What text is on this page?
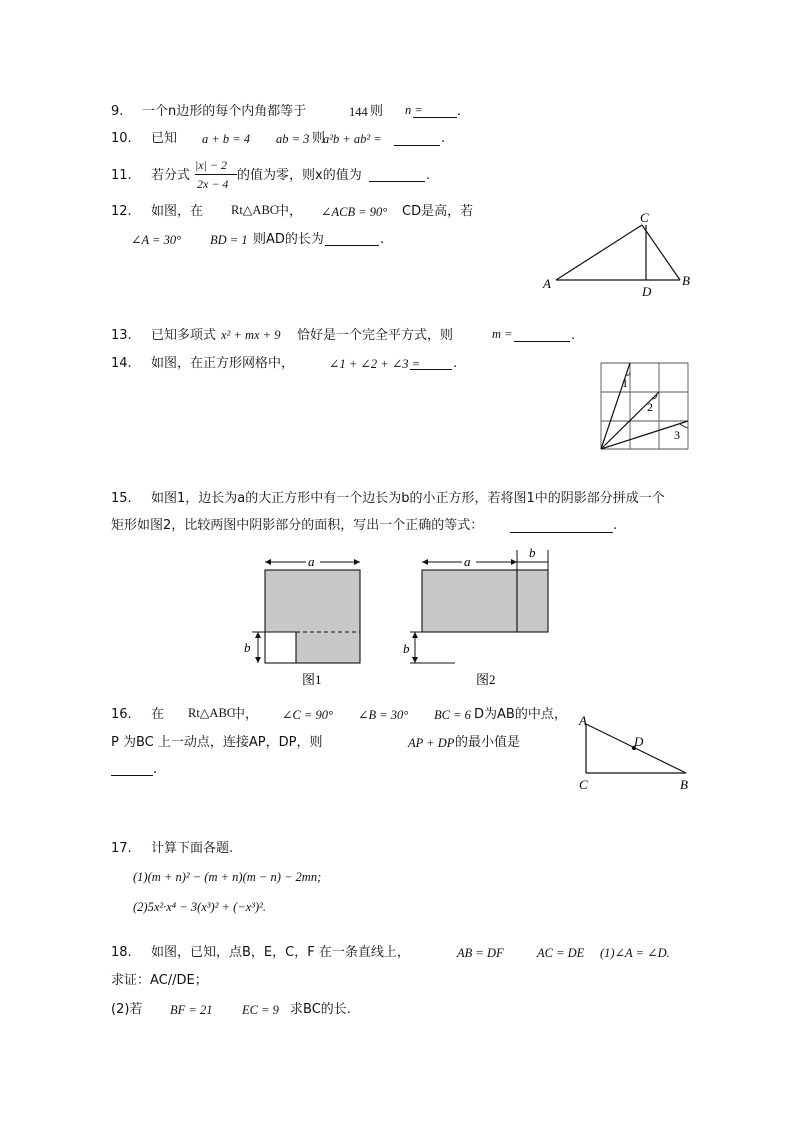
9. 一个n边形的每个内角都等于	144 则 n =	.
10. 已知 a + b = 4 ab = 3 则
a²b + ab² =	.
11. 若分式
|x| − 2
2x − 4
的值为零，则x的值为	.
12. 如图，在 Rt△ABC
中， ∠ACB = 90° CD是高，若
∠A = 30° BD = 1 则AD的长为	.
A	B
C
D
13. 已知多项式 x² + mx + 9 恰好是一个完全平方式，则	m =	.
14. 如图，在正方形网格中，	∠1 + ∠2 + ∠3 =	.
1
2
3
15. 如图1，边长为a的大正方形中有一个边长为b的小正方形，若将图1中的阴影部分拼成一个
矩形如图2，比较两图中阴影部分的面积，写出一个正确的等式：	.
a
b
图1
a
b
b
图2
16. 在 Rt△ABC
中， ∠C = 90° ∠B = 30° BC = 6 D为AB的中点，
P 为BC 上一动点，连接AP，DP，则	AP + DP 的最小值是
.
A
D
C	B
17. 计算下面各题.
(1)(m + n)² − (m + n)(m − n) − 2mn;
(2)5x²·x⁴ − 3(x³)² + (−x³)².
18. 如图，已知，点B，E，C，F 在一条直线上，	AB = DF	AC = DE (1)∠A = ∠D.
求证：AC//DE；
(2)若 BF = 21 EC = 9 求BC的长.
